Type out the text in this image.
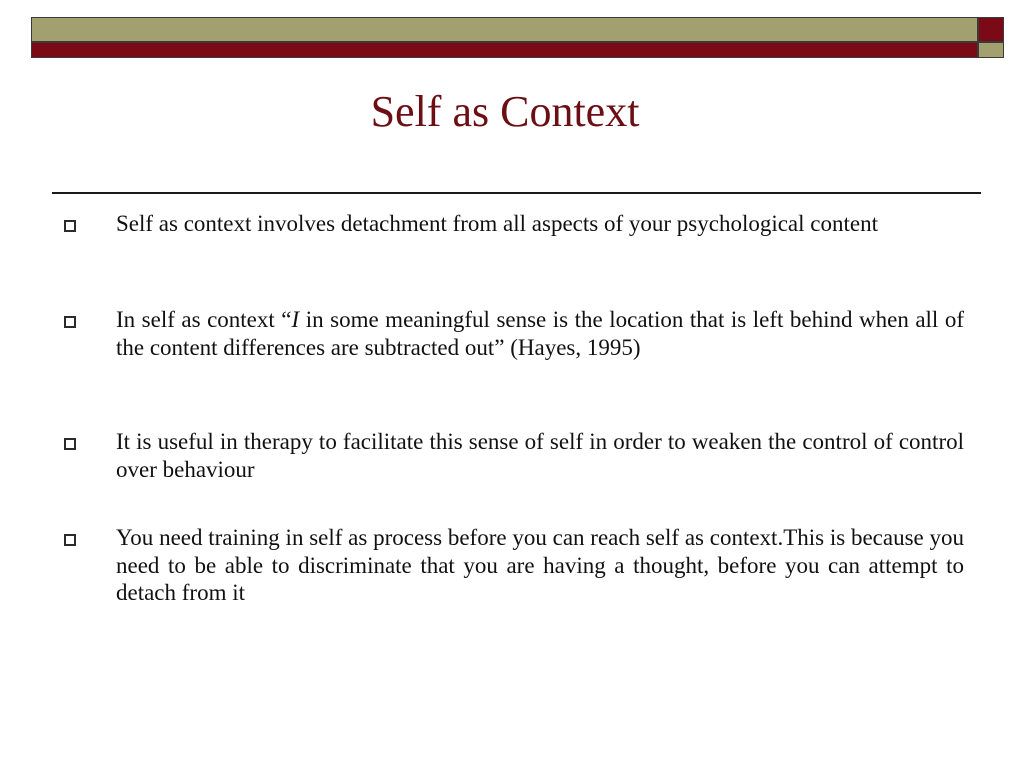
Self as Context
Self as context involves detachment from all aspects of your psychological content
In self as context “I in some meaningful sense is the location that is left behind when all of the content differences are subtracted out” (Hayes, 1995)
It is useful in therapy to facilitate this sense of self in order to weaken the control of control over behaviour
You need training in self as process before you can reach self as context.This is because you need to be able to discriminate that you are having a thought, before you can attempt to detach from it
